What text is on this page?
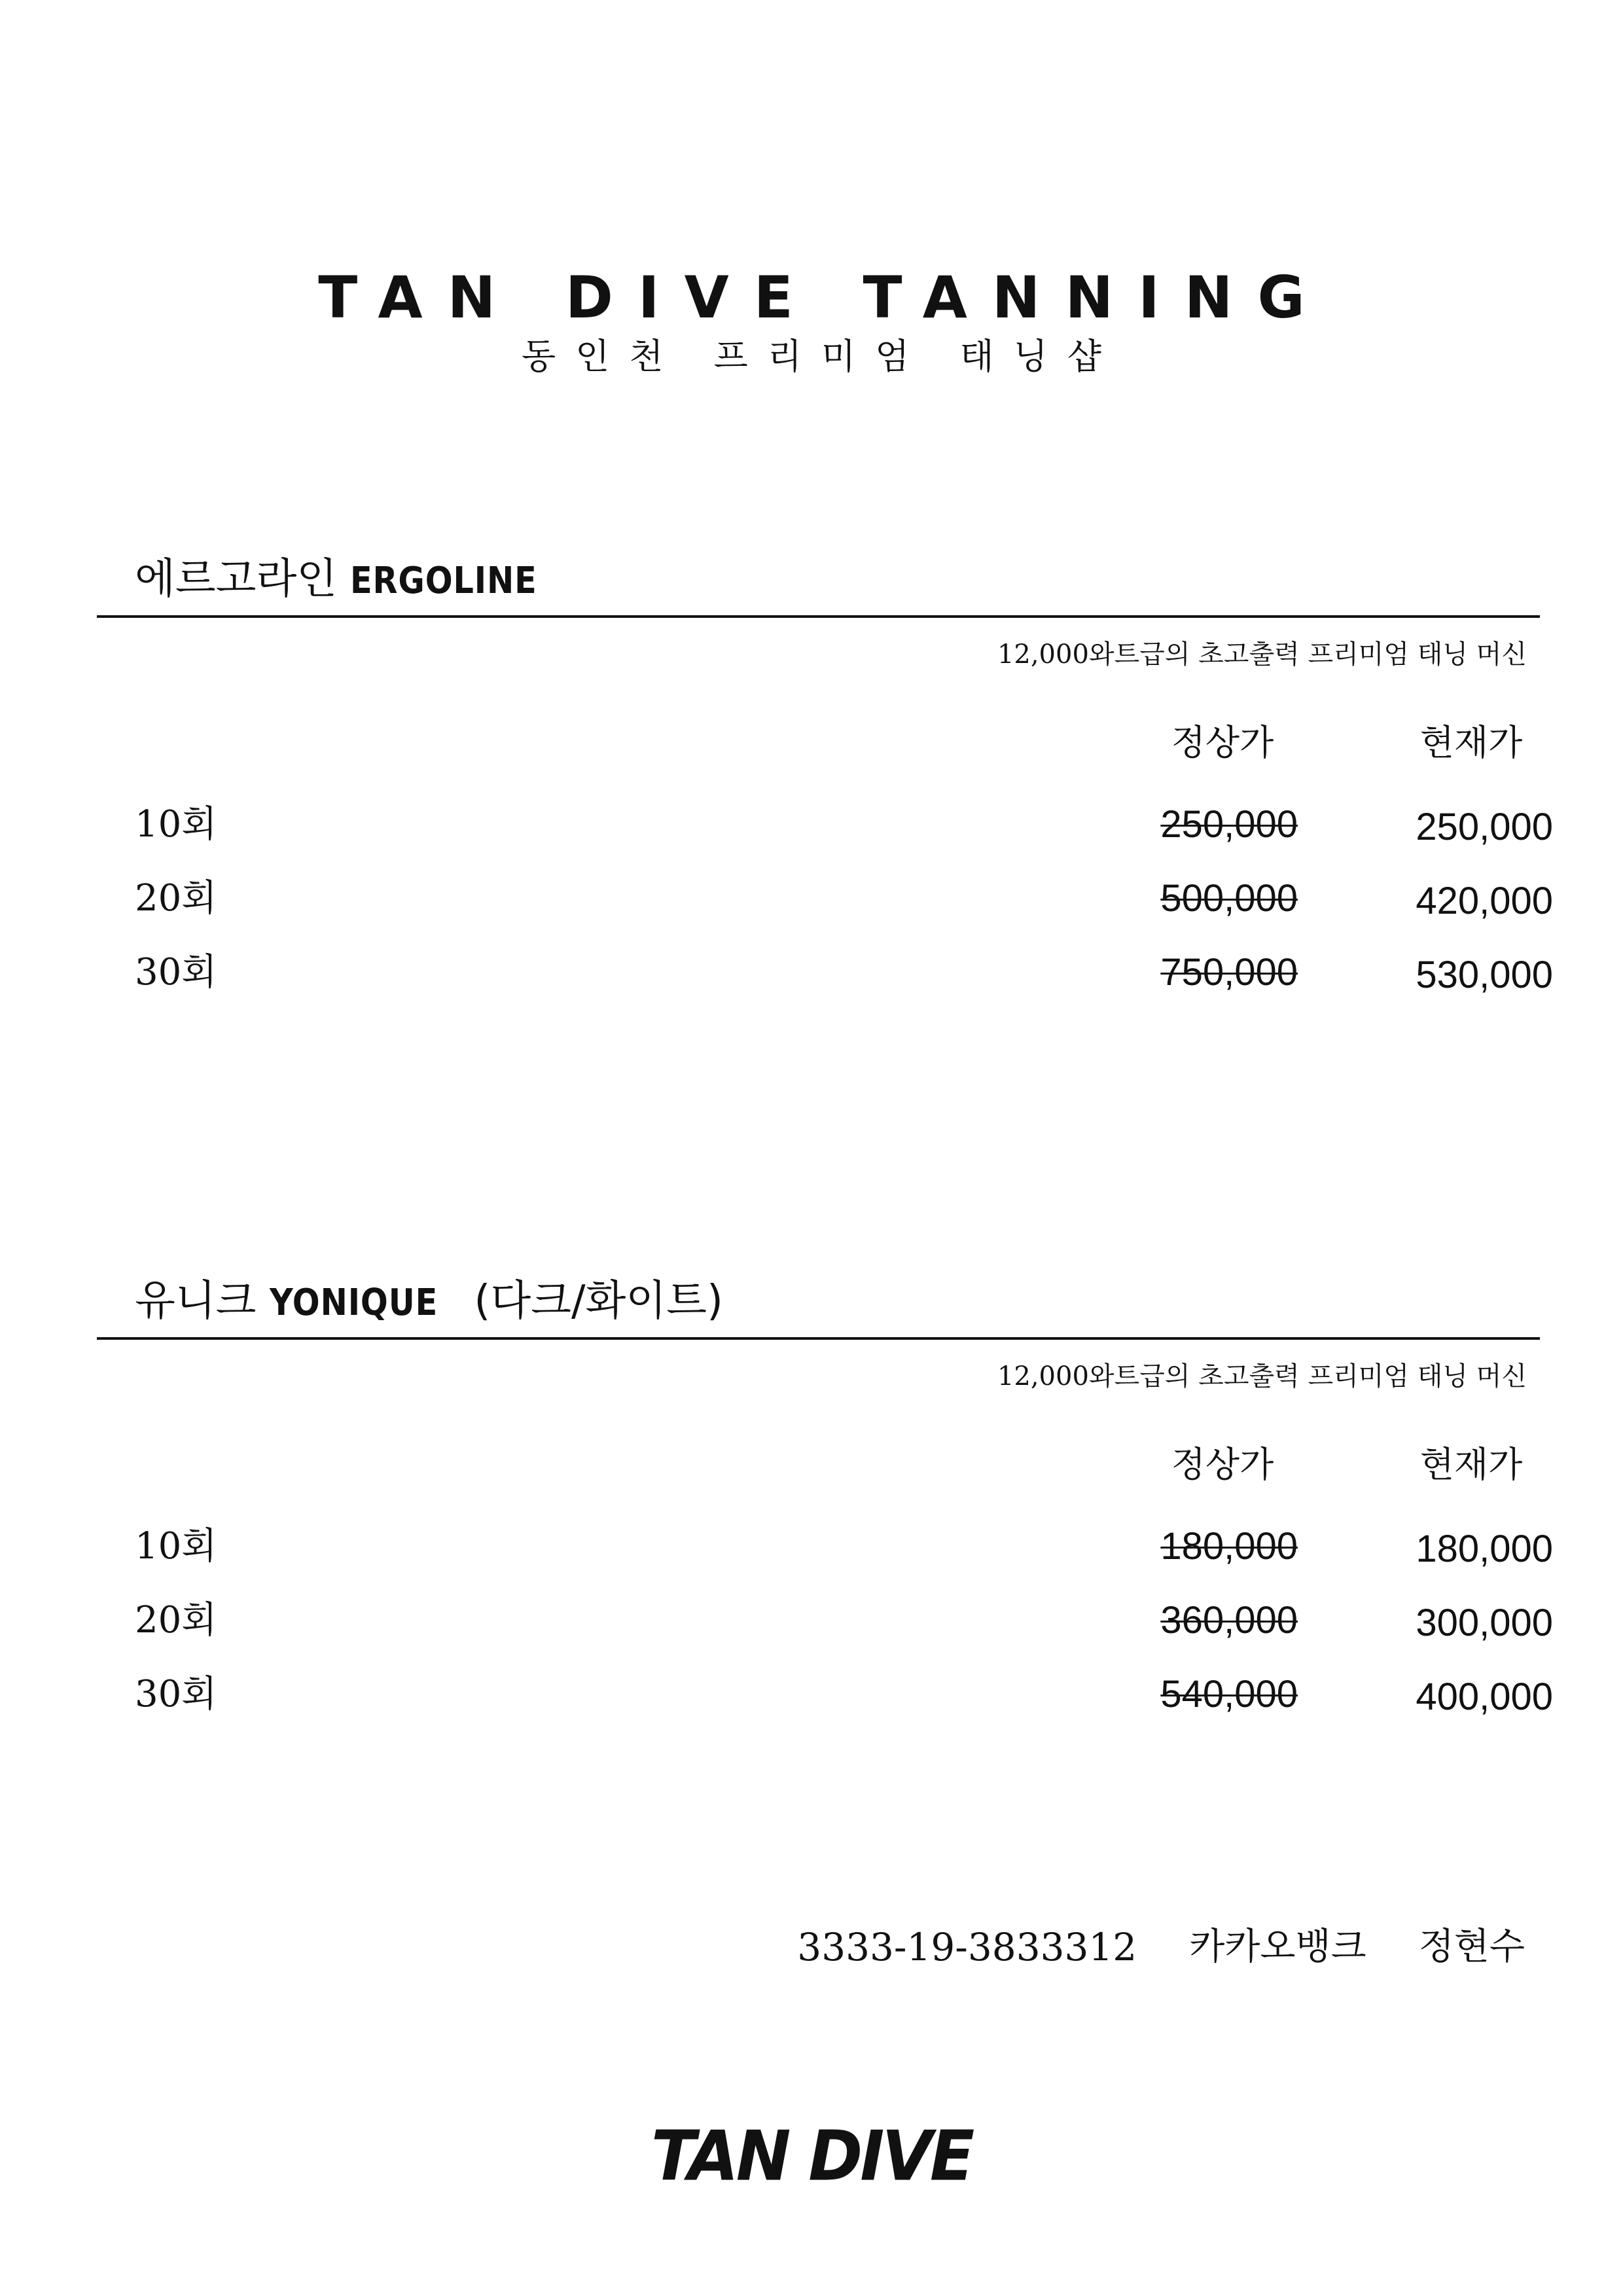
TAN DIVE TANNING
동인천 프리미엄 태닝샵
에르고라인 ERGOLINE
12,000와트급의 초고출력 프리미엄 태닝 머신
정상가	현재가
10회	250,000	250,000
20회	500,000	420,000
30회	750,000	530,000
유니크 YONIQUE (다크/화이트)
12,000와트급의 초고출력 프리미엄 태닝 머신
정상가	현재가
10회	180,000	180,000
20회	360,000	300,000
30회	540,000	400,000
3333-19-3833312 카카오뱅크 정현수
TAN DIVE
